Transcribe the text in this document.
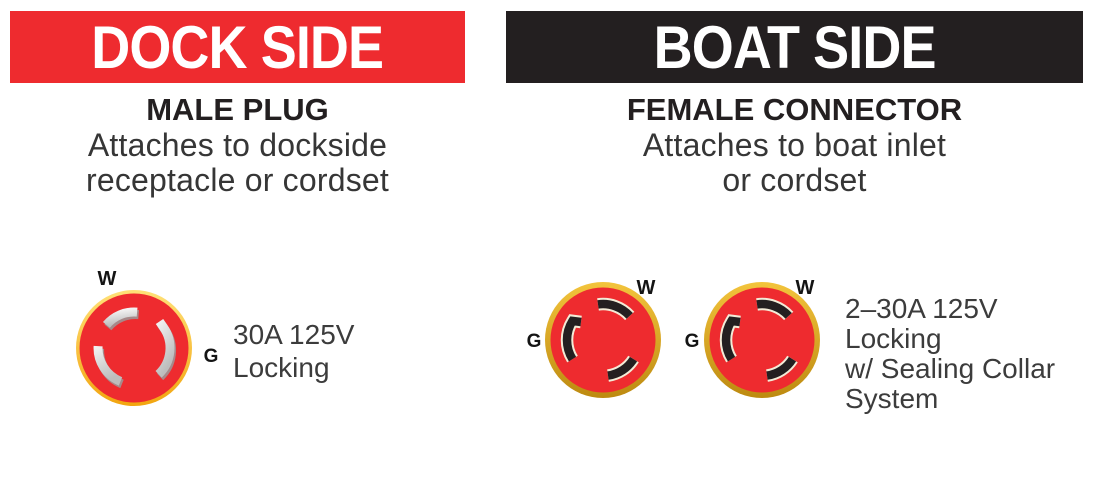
DOCK SIDE
MALE PLUG
Attaches to dockside
receptacle or cordset
W
G
30A 125V
Locking
BOAT SIDE
FEMALE CONNECTOR
Attaches to boat inlet
or cordset
W
G
W
G
2–30A 125V
Locking
w/ Sealing Collar
System
